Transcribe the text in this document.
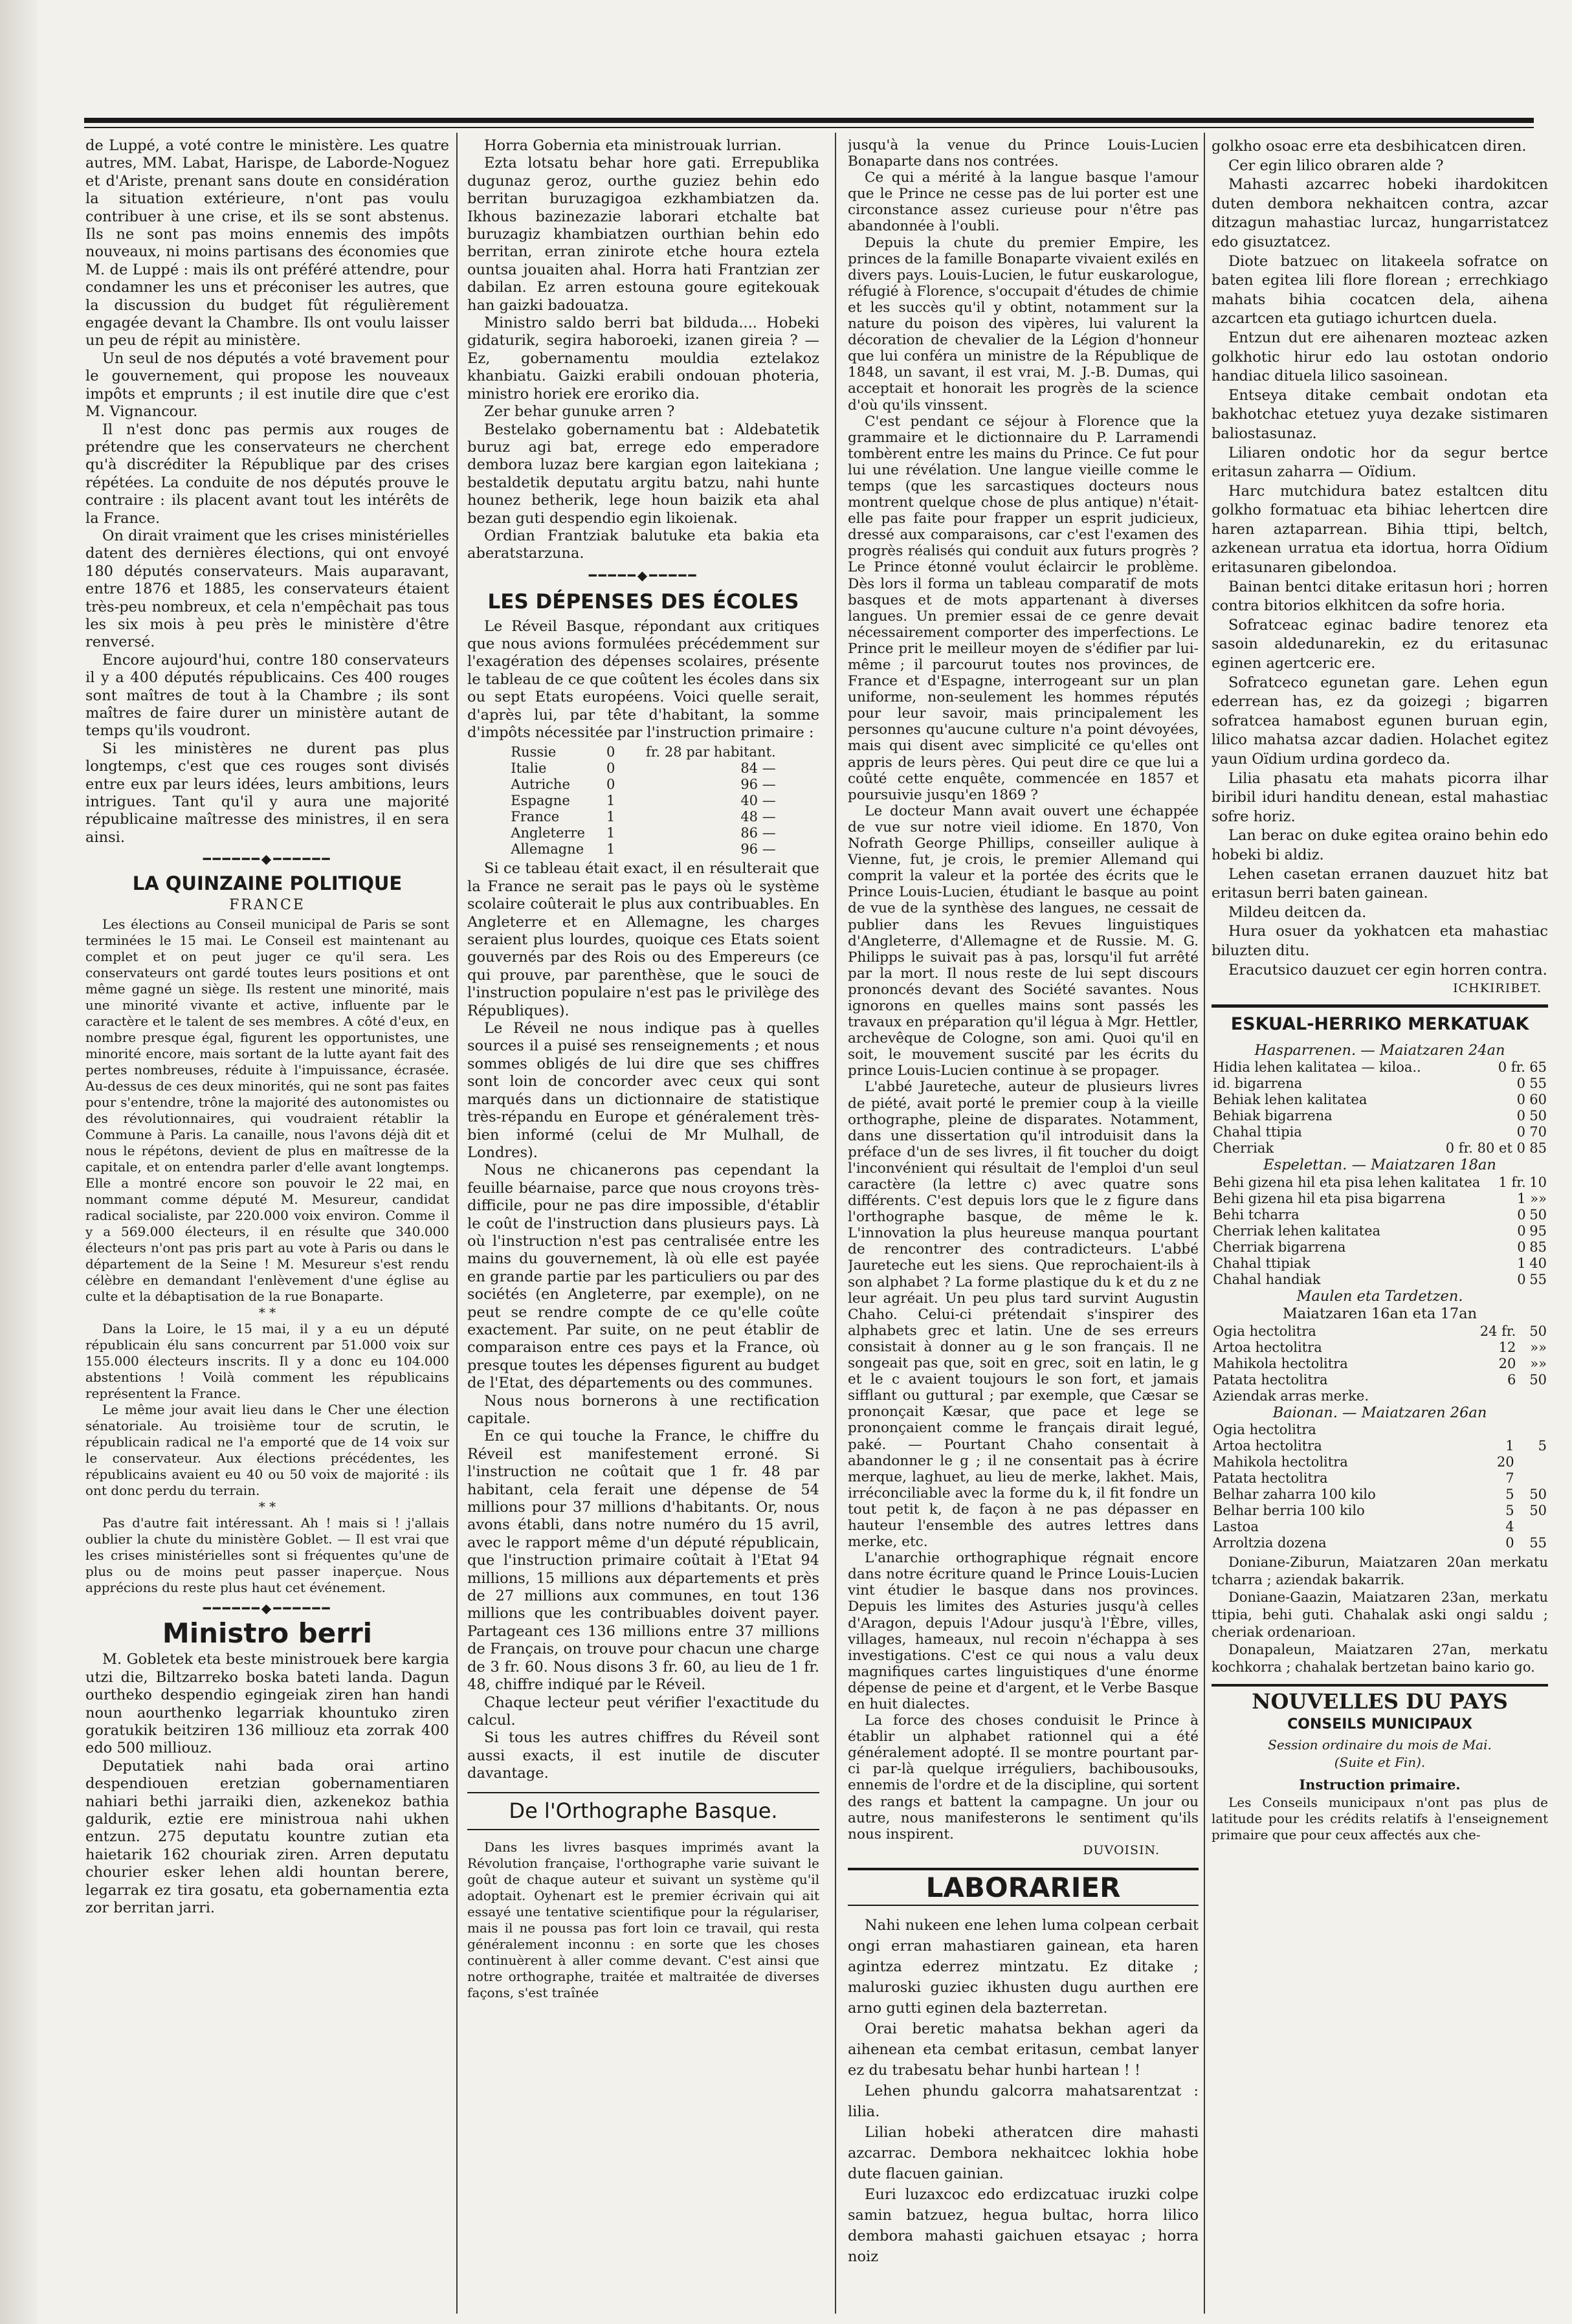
de Luppé, a voté contre le ministère. Les quatre autres, MM. Labat, Harispe, de Laborde-Noguez et d'Ariste, prenant sans doute en considération la situation extérieure, n'ont pas voulu contribuer à une crise, et ils se sont abstenus. Ils ne sont pas moins ennemis des impôts nouveaux, ni moins partisans des économies que M. de Luppé : mais ils ont préféré attendre, pour condamner les uns et préconiser les autres, que la discussion du budget fût régulièrement engagée devant la Chambre. Ils ont voulu laisser un peu de répit au ministère.

Un seul de nos députés a voté bravement pour le gouvernement, qui propose les nouveaux impôts et emprunts ; il est inutile dire que c'est M. Vignancour.

Il n'est donc pas permis aux rouges de prétendre que les conservateurs ne cherchent qu'à discréditer la République par des crises répétées. La conduite de nos députés prouve le contraire : ils placent avant tout les intérêts de la France.

On dirait vraiment que les crises ministérielles datent des dernières élections, qui ont envoyé 180 députés conservateurs. Mais auparavant, entre 1876 et 1885, les conservateurs étaient très-peu nombreux, et cela n'empêchait pas tous les six mois à peu près le ministère d'être renversé.

Encore aujourd'hui, contre 180 conservateurs il y a 400 députés républicains. Ces 400 rouges sont maîtres de tout à la Chambre ; ils sont maîtres de faire durer un ministère autant de temps qu'ils voudront.

Si les ministères ne durent pas plus longtemps, c'est que ces rouges sont divisés entre eux par leurs idées, leurs ambitions, leurs intrigues. Tant qu'il y aura une majorité républicaine maîtresse des ministres, il en sera ainsi.

━━━━━━◆━━━━━━
LA QUINZAINE POLITIQUE
FRANCE

Les élections au Conseil municipal de Paris se sont terminées le 15 mai. Le Conseil est maintenant au complet et on peut juger ce qu'il sera. Les conservateurs ont gardé toutes leurs positions et ont même gagné un siège. Ils restent une minorité, mais une minorité vivante et active, influente par le caractère et le talent de ses membres. A côté d'eux, en nombre presque égal, figurent les opportunistes, une minorité encore, mais sortant de la lutte ayant fait des pertes nombreuses, réduite à l'impuissance, écrasée. Au-dessus de ces deux minorités, qui ne sont pas faites pour s'entendre, trône la majorité des autonomistes ou des révolutionnaires, qui voudraient rétablir la Commune à Paris. La canaille, nous l'avons déjà dit et nous le répétons, devient de plus en maîtresse de la capitale, et on entendra parler d'elle avant longtemps. Elle a montré encore son pouvoir le 22 mai, en nommant comme député M. Mesureur, candidat radical socialiste, par 220.000 voix environ. Comme il y a 569.000 électeurs, il en résulte que 340.000 électeurs n'ont pas pris part au vote à Paris ou dans le département de la Seine ! M. Mesureur s'est rendu célèbre en demandant l'enlèvement d'une église au culte et la débaptisation de la rue Bonaparte.

* *

Dans la Loire, le 15 mai, il y a eu un député républicain élu sans concurrent par 51.000 voix sur 155.000 électeurs inscrits. Il y a donc eu 104.000 abstentions ! Voilà comment les républicains représentent la France.

Le même jour avait lieu dans le Cher une élection sénatoriale. Au troisième tour de scrutin, le républicain radical ne l'a emporté que de 14 voix sur le conservateur. Aux élections précédentes, les républicains avaient eu 40 ou 50 voix de majorité : ils ont donc perdu du terrain.

* *

Pas d'autre fait intéressant. Ah ! mais si ! j'allais oublier la chute du ministère Goblet. — Il est vrai que les crises ministérielles sont si fréquentes qu'une de plus ou de moins peut passer inaperçue. Nous apprécions du reste plus haut cet événement.

━━━━━━◆━━━━━━
Ministro berri

M. Gobletek eta beste ministrouek bere kargia utzi die, Biltzarreko boska bateti landa. Dagun ourtheko despendio egingeiak ziren han handi noun aourthenko legarriak khountuko ziren goratukik beitziren 136 milliouz eta zorrak 400 edo 500 milliouz.

Deputatiek nahi bada orai artino despendiouen eretzian gobernamentiaren nahiari bethi jarraiki dien, azkenekoz bathia galdurik, eztie ere ministroua nahi ukhen entzun. 275 deputatu kountre zutian eta haietarik 162 chouriak ziren. Arren deputatu chourier esker lehen aldi hountan berere, legarrak ez tira gosatu, eta gobernamentia ezta zor berritan jarri.

Horra Gobernia eta ministrouak lurrian.

Ezta lotsatu behar hore gati. Errepublika dugunaz geroz, ourthe guziez behin edo berritan buruzagigoa ezkhambiatzen da. Ikhous bazinezazie laborari etchalte bat buruzagiz khambiatzen ourthian behin edo berritan, erran zinirote etche houra eztela ountsa jouaiten ahal. Horra hati Frantzian zer dabilan. Ez arren estouna goure egitekouak han gaizki badouatza.

Ministro saldo berri bat bilduda.... Hobeki gidaturik, segira haboroeki, izanen gireia ? — Ez, gobernamentu mouldia eztelakoz khanbiatu. Gaizki erabili ondouan photeria, ministro horiek ere eroriko dia.

Zer behar gunuke arren ?

Bestelako gobernamentu bat : Aldebatetik buruz agi bat, errege edo emperadore dembora luzaz bere kargian egon laitekiana ; bestaldetik deputatu argitu batzu, nahi hunte hounez betherik, lege houn baizik eta ahal bezan guti despendio egin likoienak.

Ordian Frantziak balutuke eta bakia eta aberatstarzuna.

━━━━━◆━━━━━
LES DÉPENSES DES ÉCOLES

Le Réveil Basque, répondant aux critiques que nous avions formulées précédemment sur l'exagération des dépenses scolaires, présente le tableau de ce que coûtent les écoles dans six ou sept Etats européens. Voici quelle serait, d'après lui, par tête d'habitant, la somme d'impôts nécessitée par l'instruction primaire :

Russie	0	fr. 28 par habitant.
Italie	0	84 —
Autriche	0	96 —
Espagne	1	40 —
France	1	48 —
Angleterre	1	86 —
Allemagne	1	96 —

Si ce tableau était exact, il en résulterait que la France ne serait pas le pays où le système scolaire coûterait le plus aux contribuables. En Angleterre et en Allemagne, les charges seraient plus lourdes, quoique ces Etats soient gouvernés par des Rois ou des Empereurs (ce qui prouve, par parenthèse, que le souci de l'instruction populaire n'est pas le privilège des Républiques).

Le Réveil ne nous indique pas à quelles sources il a puisé ses renseignements ; et nous sommes obligés de lui dire que ses chiffres sont loin de concorder avec ceux qui sont marqués dans un dictionnaire de statistique très-répandu en Europe et généralement très-bien informé (celui de Mr Mulhall, de Londres).

Nous ne chicanerons pas cependant la feuille béarnaise, parce que nous croyons très-difficile, pour ne pas dire impossible, d'établir le coût de l'instruction dans plusieurs pays. Là où l'instruction n'est pas centralisée entre les mains du gouvernement, là où elle est payée en grande partie par les particuliers ou par des sociétés (en Angleterre, par exemple), on ne peut se rendre compte de ce qu'elle coûte exactement. Par suite, on ne peut établir de comparaison entre ces pays et la France, où presque toutes les dépenses figurent au budget de l'Etat, des départements ou des communes.

Nous nous bornerons à une rectification capitale.

En ce qui touche la France, le chiffre du Réveil est manifestement erroné. Si l'instruction ne coûtait que 1 fr. 48 par habitant, cela ferait une dépense de 54 millions pour 37 millions d'habitants. Or, nous avons établi, dans notre numéro du 15 avril, avec le rapport même d'un député républicain, que l'instruction primaire coûtait à l'Etat 94 millions, 15 millions aux départements et près de 27 millions aux communes, en tout 136 millions que les contribuables doivent payer. Partageant ces 136 millions entre 37 millions de Français, on trouve pour chacun une charge de 3 fr. 60. Nous disons 3 fr. 60, au lieu de 1 fr. 48, chiffre indiqué par le Réveil.

Chaque lecteur peut vérifier l'exactitude du calcul.

Si tous les autres chiffres du Réveil sont aussi exacts, il est inutile de discuter davantage.

De l'Orthographe Basque.

Dans les livres basques imprimés avant la Révolution française, l'orthographe varie suivant le goût de chaque auteur et suivant un système qu'il adoptait. Oyhenart est le premier écrivain qui ait essayé une tentative scientifique pour la régulariser, mais il ne poussa pas fort loin ce travail, qui resta généralement inconnu : en sorte que les choses continuèrent à aller comme devant. C'est ainsi que notre orthographe, traitée et maltraitée de diverses façons, s'est traînée

jusqu'à la venue du Prince Louis-Lucien Bonaparte dans nos contrées.

Ce qui a mérité à la langue basque l'amour que le Prince ne cesse pas de lui porter est une circonstance assez curieuse pour n'être pas abandonnée à l'oubli.

Depuis la chute du premier Empire, les princes de la famille Bonaparte vivaient exilés en divers pays. Louis-Lucien, le futur euskarologue, réfugié à Florence, s'occupait d'études de chimie et les succès qu'il y obtint, notamment sur la nature du poison des vipères, lui valurent la décoration de chevalier de la Légion d'honneur que lui conféra un ministre de la République de 1848, un savant, il est vrai, M. J.-B. Dumas, qui acceptait et honorait les progrès de la science d'où qu'ils vinssent.

C'est pendant ce séjour à Florence que la grammaire et le dictionnaire du P. Larramendi tombèrent entre les mains du Prince. Ce fut pour lui une révélation. Une langue vieille comme le temps (que les sarcastiques docteurs nous montrent quelque chose de plus antique) n'était-elle pas faite pour frapper un esprit judicieux, dressé aux comparaisons, car c'est l'examen des progrès réalisés qui conduit aux futurs progrès ? Le Prince étonné voulut éclaircir le problème. Dès lors il forma un tableau comparatif de mots basques et de mots appartenant à diverses langues. Un premier essai de ce genre devait nécessairement comporter des imperfections. Le Prince prit le meilleur moyen de s'édifier par lui-même ; il parcourut toutes nos provinces, de France et d'Espagne, interrogeant sur un plan uniforme, non-seulement les hommes réputés pour leur savoir, mais principalement les personnes qu'aucune culture n'a point dévoyées, mais qui disent avec simplicité ce qu'elles ont appris de leurs pères. Qui peut dire ce que lui a coûté cette enquête, commencée en 1857 et poursuivie jusqu'en 1869 ?

Le docteur Mann avait ouvert une échappée de vue sur notre vieil idiome. En 1870, Von Nofrath George Phillips, conseiller aulique à Vienne, fut, je crois, le premier Allemand qui comprit la valeur et la portée des écrits que le Prince Louis-Lucien, étudiant le basque au point de vue de la synthèse des langues, ne cessait de publier dans les Revues linguistiques d'Angleterre, d'Allemagne et de Russie. M. G. Philipps le suivait pas à pas, lorsqu'il fut arrêté par la mort. Il nous reste de lui sept discours prononcés devant des Société savantes. Nous ignorons en quelles mains sont passés les travaux en préparation qu'il légua à Mgr. Hettler, archevêque de Cologne, son ami. Quoi qu'il en soit, le mouvement suscité par les écrits du prince Louis-Lucien continue à se propager.

L'abbé Jaureteche, auteur de plusieurs livres de piété, avait porté le premier coup à la vieille orthographe, pleine de disparates. Notamment, dans une dissertation qu'il introduisit dans la préface d'un de ses livres, il fit toucher du doigt l'inconvénient qui résultait de l'emploi d'un seul caractère (la lettre c) avec quatre sons différents. C'est depuis lors que le z figure dans l'orthographe basque, de même le k. L'innovation la plus heureuse manqua pourtant de rencontrer des contradicteurs. L'abbé Jaureteche eut les siens. Que reprochaient-ils à son alphabet ? La forme plastique du k et du z ne leur agréait. Un peu plus tard survint Augustin Chaho. Celui-ci prétendait s'inspirer des alphabets grec et latin. Une de ses erreurs consistait à donner au g le son français. Il ne songeait pas que, soit en grec, soit en latin, le g et le c avaient toujours le son fort, et jamais sifflant ou guttural ; par exemple, que Cæsar se prononçait Kæsar, que pace et lege se prononçaient comme le français dirait legué, paké. — Pourtant Chaho consentait à abandonner le g ; il ne consentait pas à écrire merque, laghuet, au lieu de merke, lakhet. Mais, irréconciliable avec la forme du k, il fit fondre un tout petit k, de façon à ne pas dépasser en hauteur l'ensemble des autres lettres dans merke, etc.

L'anarchie orthographique régnait encore dans notre écriture quand le Prince Louis-Lucien vint étudier le basque dans nos provinces. Depuis les limites des Asturies jusqu'à celles d'Aragon, depuis l'Adour jusqu'à l'Èbre, villes, villages, hameaux, nul recoin n'échappa à ses investigations. C'est ce qui nous a valu deux magnifiques cartes linguistiques d'une énorme dépense de peine et d'argent, et le Verbe Basque en huit dialectes.

La force des choses conduisit le Prince à établir un alphabet rationnel qui a été généralement adopté. Il se montre pourtant par-ci par-là quelque irréguliers, bachibousouks, ennemis de l'ordre et de la discipline, qui sortent des rangs et battent la campagne. Un jour ou autre, nous manifesterons le sentiment qu'ils nous inspirent.

DUVOISIN.
LABORARIER

Nahi nukeen ene lehen luma colpean cerbait ongi erran mahastiaren gainean, eta haren agintza ederrez mintzatu. Ez ditake ; maluroski guziec ikhusten dugu aurthen ere arno gutti eginen dela bazterretan.

Orai beretic mahatsa bekhan ageri da aihenean eta cembat eritasun, cembat lanyer ez du trabesatu behar hunbi hartean ! !

Lehen phundu galcorra mahatsarentzat : lilia.

Lilian hobeki atheratcen dire mahasti azcarrac. Dembora nekhaitcec lokhia hobe dute flacuen gainian.

Euri luzaxcoc edo erdizcatuac iruzki colpe samin batzuez, hegua bultac, horra lilico dembora mahasti gaichuen etsayac ; horra noiz

golkho osoac erre eta desbihicatcen diren.

Cer egin lilico obraren alde ?

Mahasti azcarrec hobeki ihardokitcen duten dembora nekhaitcen contra, azcar ditzagun mahastiac lurcaz, hungarristatcez edo gisuztatcez.

Diote batzuec on litakeela sofratce on baten egitea lili flore florean ; errechkiago mahats bihia cocatcen dela, aihena azcartcen eta gutiago ichurtcen duela.

Entzun dut ere aihenaren mozteac azken golkhotic hirur edo lau ostotan ondorio handiac dituela lilico sasoinean.

Entseya ditake cembait ondotan eta bakhotchac etetuez yuya dezake sistimaren baliostasunaz.

Liliaren ondotic hor da segur bertce eritasun zaharra — Oïdium.

Harc mutchidura batez estaltcen ditu golkho formatuac eta bihiac lehertcen dire haren aztaparrean. Bihia ttipi, beltch, azkenean urratua eta idortua, horra Oïdium eritasunaren gibelondoa.

Bainan bentci ditake eritasun hori ; horren contra bitorios elkhitcen da sofre horia.

Sofratceac eginac badire tenorez eta sasoin aldedunarekin, ez du eritasunac eginen agertceric ere.

Sofratceco egunetan gare. Lehen egun ederrean has, ez da goizegi ; bigarren sofratcea hamabost egunen buruan egin, lilico mahatsa azcar dadien. Holachet egitez yaun Oïdium urdina gordeco da.

Lilia phasatu eta mahats picorra ilhar biribil iduri handitu denean, estal mahastiac sofre horiz.

Lan berac on duke egitea oraino behin edo hobeki bi aldiz.

Lehen casetan erranen dauzuet hitz bat eritasun berri baten gainean.

Mildeu deitcen da.

Hura osuer da yokhatcen eta mahastiac biluzten ditu.

Eracutsico dauzuet cer egin horren contra.

ICHKIRIBET.
ESKUAL-HERRIKO MERKATUAK
Hasparrenen. — Maiatzaren 24an
Hidia lehen kalitatea — kiloa..	0 fr.	65
id. bigarrena	0	55
Behiak lehen kalitatea	0	60
Behiak bigarrena	0	50
Chahal ttipia	0	70
Cherriak	0 fr. 80 et 0	85
Espelettan. — Maiatzaren 18an
Behi gizena hil eta pisa lehen kalitatea	1 fr.	10
Behi gizena hil eta pisa bigarrena	1	»»
Behi tcharra	0	50
Cherriak lehen kalitatea	0	95
Cherriak bigarrena	0	85
Chahal ttipiak	1	40
Chahal handiak	0	55
Maulen eta Tardetzen.
Maiatzaren 16an eta 17an
Ogia hectolitra	24 fr.	50
Artoa hectolitra	12	»»
Mahikola hectolitra	20	»»
Patata hectolitra	6	50
Aziendak arras merke.		
Baionan. — Maiatzaren 26an
Ogia hectolitra		
Artoa hectolitra	1	5
Mahikola hectolitra	20	
Patata hectolitra	7	
Belhar zaharra 100 kilo	5	50
Belhar berria 100 kilo	5	50
Lastoa	4	
Arroltzia dozena	0	55

Doniane-Ziburun, Maiatzaren 20an merkatu tcharra ; aziendak bakarrik.

Doniane-Gaazin, Maiatzaren 23an, merkatu ttipia, behi guti. Chahalak aski ongi saldu ; cheriak ordenarioan.

Donapaleun, Maiatzaren 27an, merkatu kochkorra ; chahalak bertzetan baino kario go.

NOUVELLES DU PAYS
CONSEILS MUNICIPAUX
Session ordinaire du mois de Mai.
(Suite et Fin).
Instruction primaire.

Les Conseils municipaux n'ont pas plus de latitude pour les crédits relatifs à l'enseignement primaire que pour ceux affectés aux che-
